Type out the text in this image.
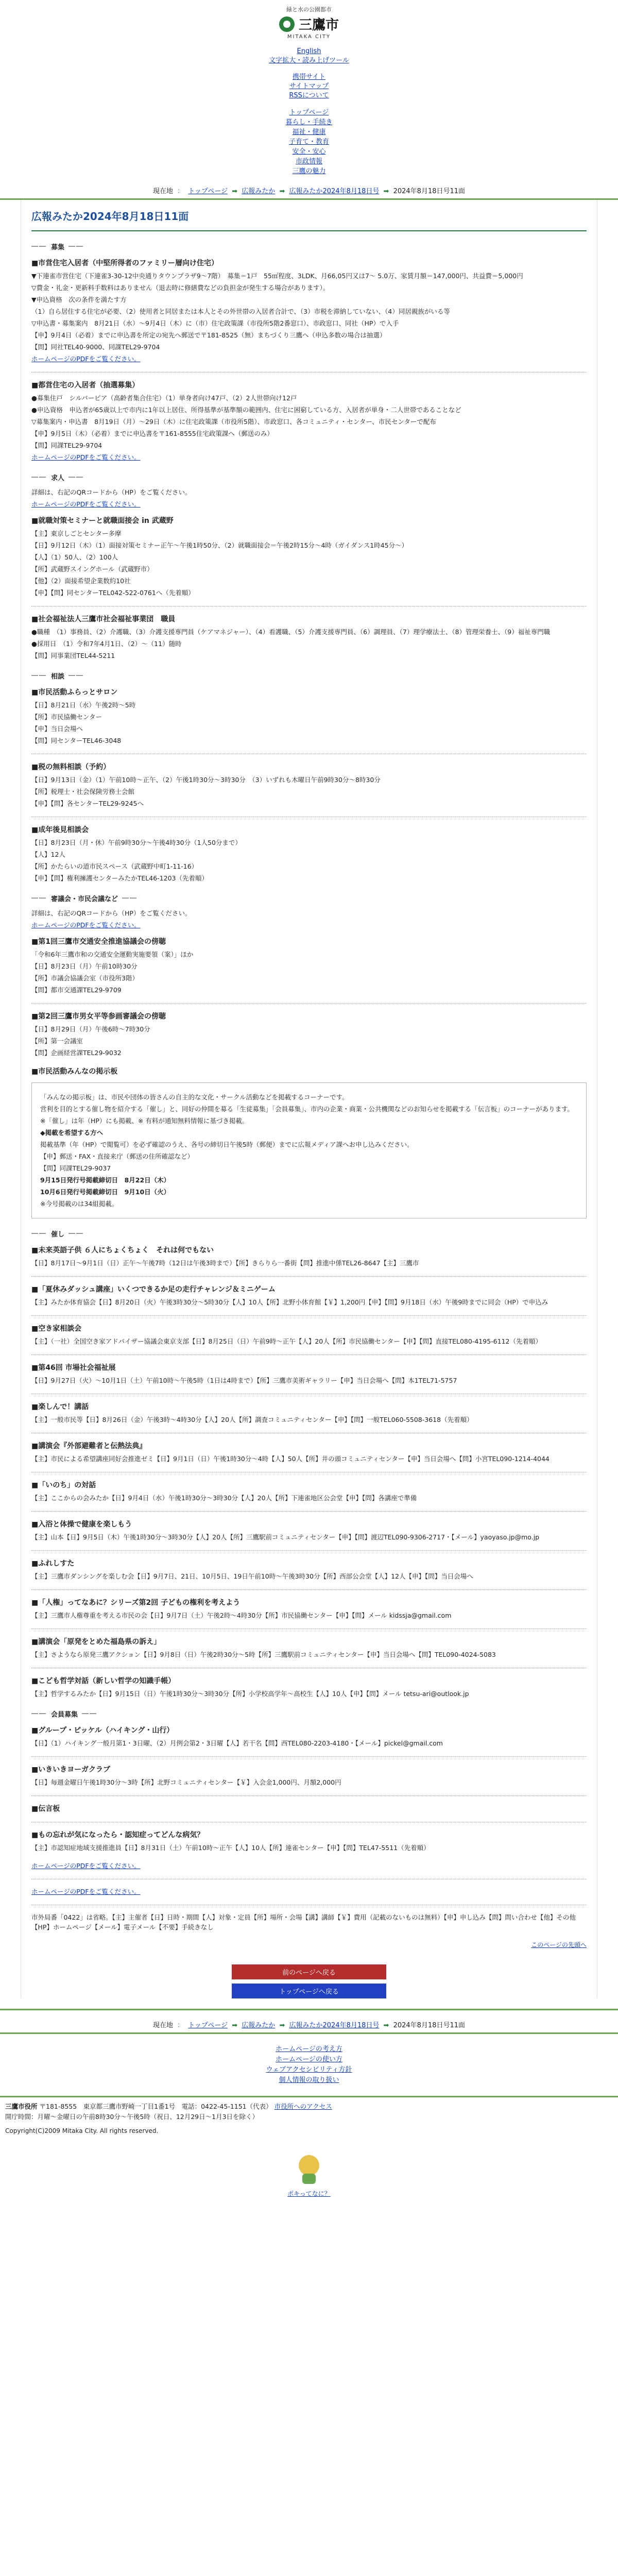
緑と水の公園都市
三鷹市
MITAKA CITY
English
文字拡大・読み上げツール
携帯サイト
サイトマップ
RSSについて
トップページ
暮らし・手続き
福祉・健康
子育て・教育
安全・安心
市政情報
三鷹の魅力
現在地 ： トップページ ➡ 広報みたか ➡ 広報みたか2024年8月18日号 ➡ 2024年8月18日号11面
広報みたか2024年8月18日11面
―― 募集 ――
■市営住宅入居者（中堅所得者のファミリー層向け住宅）

▼下連雀市営住宅（下連雀3-30-12中央通りタウンプラザ9〜7階）　募集＝1戸　55㎡程度、3LDK、月66,05円又は7〜 5.0万、家賃月額＝147,000円、共益費＝5,000円

▽費金・礼金・更新料手数料はありません（退去時に修繕費などの負担金が発生する場合があります）。

▼申込資格　次の条件を満たす方

（1）自ら居住する住宅が必要、（2）使用者と同居または本人とその外世帯の入居者合計で、（3）市税を滞納していない、（4）同居親族がいる等

▽申込書・募集案内　8月21日（水）〜9月4日（木）に（市）住宅政策課（市役所5階2番窓口）、市政窓口、同社（HP）で入手

【申】9月4日（必着）までに申込書を所定の宛先へ郵送で〒181-8525（無）まちづくり三鷹へ（申込多数の場合は抽選）

【問】同社TEL40-9000、同課TEL29-9704

ホームページのPDFをご覧ください。

■都営住宅の入居者（抽選募集）

●募集住戸　シルバーピア（高齢者集合住宅）（1）単身者向け47戸、（2）2人世帯向け12戸

●申込資格　申込者が65歳以上で市内に1年以上居住、所得基準が基準額の範囲内、住宅に困窮している方、入居者が単身・二人世帯であることなど

▽募集案内・申込書　8月19日（月）〜29日（木）に住宅政策課（市役所5階）、市政窓口、各コミュニティ・センター、市民センターで配布

【申】9月5日（木）（必着）までに申込書を〒161-8555住宅政策課へ（郵送のみ）

【問】同課TEL29-9704

ホームページのPDFをご覧ください。

―― 求人 ――

詳細は、右記のQRコードから（HP）をご覧ください。

ホームページのPDFをご覧ください。

■就職対策セミナーと就職面接会 in 武蔵野

【主】東京しごとセンター多摩

【日】9月12日（木）（1）面接対策セミナー正午〜午後1時50分、（2）就職面接会＝午後2時15分〜4時（ガイダンス1時45分〜）

【人】（1）50人、（2）100人

【所】武蔵野スイングホール（武蔵野市）

【他】（2）面接希望企業数約10社

【申】【問】同センターTEL042-522-0761へ（先着順）

■社会福祉法人三鷹市社会福祉事業団　職員

●職種　（1）事務員、（2）介護職、（3）介護支援専門員（ケアマネジャー）、（4）看護職、（5）介護支援専門員、（6）調理員、（7）理学療法士、（8）管理栄養士、（9）福祉専門職

●採用日　（1）令和7年4月1日、（2）〜（11）随時

【問】同事業団TEL44-5211

―― 相談 ――
■市民活動ふらっとサロン

【日】8月21日（水）午後2時〜5時

【所】市民協働センター

【申】当日会場へ

【問】同センターTEL46-3048

■税の無料相談（予約）

【日】9月13日（金）（1）午前10時〜正午、（2）午後1時30分〜3時30分　（3）いずれも木曜日午前9時30分〜8時30分

【所】税理士・社会保険労務士会館

【申】【問】各センターTEL29-9245へ

■成年後見相談会

【日】8月23日（月・休）午前9時30分〜午後4時30分（1人50分まで）

【人】12人

【所】かたらいの道市民スペース（武蔵野中町1-11-16）

【申】【問】権利擁護センターみたかTEL46-1203（先着順）

―― 審議会・市民会議など ――

詳細は、右記のQRコードから（HP）をご覧ください。

ホームページのPDFをご覧ください。

■第1回三鷹市交通安全推進協議会の傍聴

「令和6年三鷹市和の交通安全運動実施要領（案）」ほか

【日】8月23日（月）午前10時30分

【所】市議会協議会室（市役所3階）

【問】都市交通課TEL29-9709

■第2回三鷹市男女平等参画審議会の傍聴

【日】8月29日（月）午後6時〜7時30分

【所】第一会議室

【問】企画経営課TEL29-9032

■市民活動みんなの掲示板

「みんなの掲示板」は、市民や団体の皆さんの自主的な文化・サークル活動などを掲載するコーナーです。

営利を目的とする催し物を紹介する「催し」と、同好の仲間を募る「生徒募集」「会員募集」、市内の企業・商業・公共機関などのお知らせを掲載する「伝言板」のコーナーがあります。

※「催し」は年（HP）にも掲載、※ 有料が通知無料情報に基づき掲載。

◆掲載を希望する方へ

掲載基準（年（HP）で閲覧可）を必ず確認のうえ、各号の締切日午後5時（郵便）までに広報メディア課へお申し込みください。

【申】郵送・FAX・直接来庁（郵送の住所確認など）

【問】同課TEL29-9037

9月15日発行号掲載締切日　8月22日（木）

10月6日発行号掲載締切日　9月10日（火）

※今号掲載のは34組掲載。

―― 催し ――
■未来英語子供 ６人にちょくちょく　それは何でもない

【日】8月17日〜9月1日（日）正午〜午後7時（12日は午後3時まで）【所】きらりら一番街【問】推進中係TEL26-8647【主】三鷹市

■「夏休みダッシュ講座」いくつできるか足の走行チャレンジ＆ミニゲーム

【主】みたか体育協会【日】8月20日（火）午後3時30分〜5時30分【人】10人【所】北野小体育館【￥】1,200円【申】【問】9月18日（水）午後9時までに同会（HP）で申込み

■空き家相談会

【主】（一社）全国空き家アドバイザー協議会東京支部【日】8月25日（日）午前9時〜正午【人】20人【所】市民協働センター【申】【問】直接TEL080-4195-6112（先着順）

■第46回 市場社会福祉展

【日】9月27日（火）〜10月1日（土）午前10時〜午後5時（1日は4時まで）【所】三鷹市美術ギャラリー【申】当日会場へ【問】本1TEL71-5757

■楽しんで！講話

【主】一般市民等【日】8月26日（金）午後3時〜4時30分【人】20人【所】調査コミュニティセンター【申】【問】一般TEL060-5508-3618（先着順）

■講演会『外部避難者と伝熱法典』

【主】市民による希望講座同好会推進ゼミ【日】9月1日（日）午後1時30分〜4時【人】50人【所】井の頭コミュニティセンター【申】当日会場へ【問】小宮TEL090-1214-4044

■「いのち」の対話

【主】ここからの会みたか【日】9月4日（水）午後1時30分〜3時30分【人】20人【所】下連雀地区公会堂【申】【問】各講座で準備

■入浴と体操で健康を楽しもう

【主】山本【日】9月5日（木）午後1時30分〜3時30分【人】20人【所】三鷹駅前コミュニティセンター【申】【問】渡辺TEL090-9306-2717・【メール】yaoyaso.jp@mo.jp

■ふれしすた

【主】三鷹市ダンシングを楽しむ会【日】9月7日、21日、10月5日、19日午前10時〜午後3時30分【所】西部公会堂【人】12人【申】【問】当日会場へ

■「人権」ってなあに？シリーズ第2回 子どもの権利を考えよう

【主】三鷹市人権尊重を考える市民の会【日】9月7日（土）午後2時〜4時30分【所】市民協働センター【申】【問】メール kidssja@gmail.com

■講演会「原発をとめた福島県の訴え」

【主】さようなら原発三鷹アクション【日】9月8日（日）午後2時30分〜5時【所】三鷹駅前コミュニティセンター【申】当日会場へ【問】TEL090-4024-5083

■こども哲学対話（新しい哲学の知識手帳）

【主】哲学するみたか【日】9月15日（日）午後1時30分〜3時30分【所】小学校高学年〜高校生【人】10人【申】【問】メール tetsu-ari@outlook.jp

―― 会員募集 ――
■グループ・ピッケル（ハイキング・山行）

【日】（1）ハイキング一般月第1・3日曜、（2）月例会第2・3日曜【人】若干名【問】西TEL080-2203-4180・【メール】pickel@gmail.com

■いきいきヨーガクラブ

【日】毎週金曜日午後1時30分〜3時【所】北野コミュニティセンター【￥】入会金1,000円、月額2,000円

■伝言板
■もの忘れが気になったら・認知症ってどんな病気？

【主】市認知症地域支援推進員【日】8月31日（土）午前10時〜正午【人】10人【所】連雀センター【申】【問】TEL47-5511（先着順）

ホームページのPDFをご覧ください。

ホームページのPDFをご覧ください。

市外局番「0422」は省略。【主】主催者【日】日時・期間【人】対象・定員【所】場所・会場【講】講師【￥】費用（記載のないものは無料）【申】申し込み【問】問い合わせ【他】その他【HP】ホームページ【メール】電子メール【不要】手続きなし

このページの先頭へ
前のページへ戻る
トップページへ戻る
現在地 ： トップページ ➡ 広報みたか ➡ 広報みたか2024年8月18日号 ➡ 2024年8月18日号11面
ホームページの考え方
ホームページの使い方
ウェブアクセシビリティ方針
個人情報の取り扱い
三鷹市役所 〒181-8555　東京都三鷹市野崎一丁目1番1号　電話：0422-45-1151（代表） 市役所へのアクセス
開庁時間：月曜〜金曜日の午前8時30分〜午後5時（祝日、12月29日〜1月3日を除く）
Copyright(C)2009 Mitaka City. All rights reserved.
ポキってなに？
